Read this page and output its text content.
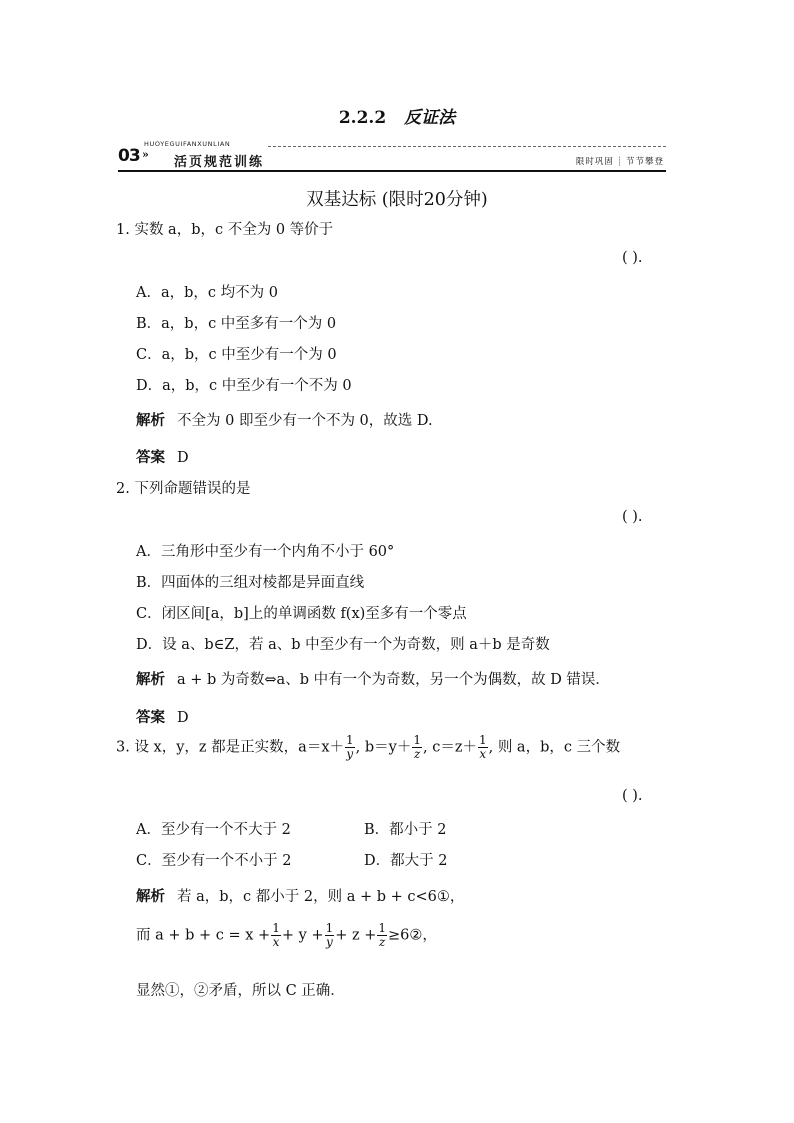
2.2.2 反证法
HUOYEGUIFANXUNLIAN
03 »
活页规范训练	限时巩固 ┊ 节节攀登
双基达标 (限时20分钟)
1. 实数 a，b，c 不全为 0 等价于
( ).
A．a，b，c 均不为 0
B．a，b，c 中至多有一个为 0
C．a，b，c 中至少有一个为 0
D．a，b，c 中至少有一个不为 0
解析 不全为 0 即至少有一个不为 0，故选 D.
答案 D
2. 下列命题错误的是
( ).
A．三角形中至少有一个内角不小于 60°
B．四面体的三组对棱都是异面直线
C．闭区间[a，b]上的单调函数 f(x)至多有一个零点
D．设 a、b∈Z，若 a、b 中至少有一个为奇数，则 a＋b 是奇数
解析 a + b 为奇数⇔a、b 中有一个为奇数，另一个为偶数，故 D 错误．
答案 D
3. 设 x，y，z 都是正实数，$a=x+ \frac{1}{y}$ , $b=y+ \frac{1}{z}$ , $c=z+ \frac{1}{x}$ , 则 a，b，c 三个数
( ).
A．至少有一个不大于 2	B．都小于 2
C．至少有一个不小于 2	D．都大于 2
解析 若 a，b，c 都小于 2，则 a + b + c<6①，
而 $a + b + c = x + \frac{1}{x} + y + \frac{1}{y} + z + \frac{1}{z}$ ≥6②，
显然①，②矛盾，所以 C 正确．
